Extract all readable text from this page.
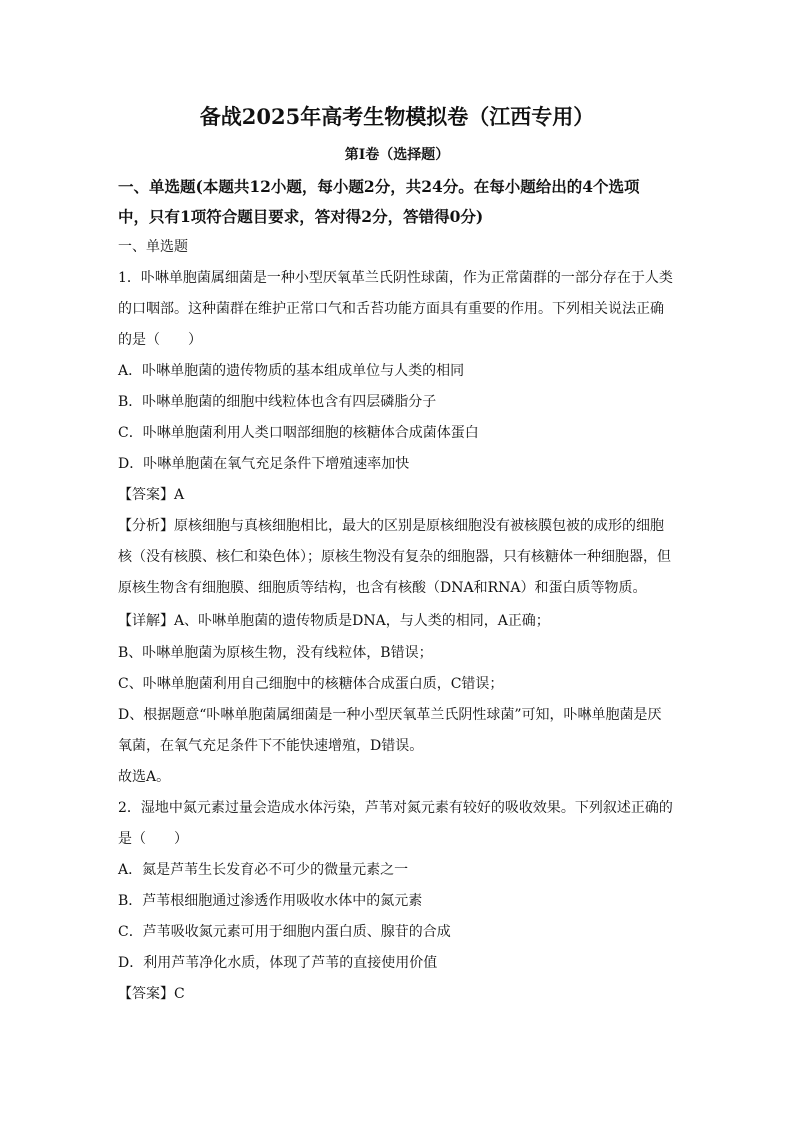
备战2025年高考生物模拟卷（江西专用）
第I卷（选择题）
一、单选题(本题共12小题，每小题2分，共24分。在每小题给出的4个选项
中，只有1项符合题目要求，答对得2分，答错得0分)
一、单选题
1．卟啉单胞菌属细菌是一种小型厌氧革兰氏阴性球菌，作为正常菌群的一部分存在于人类
的口咽部。这种菌群在维护正常口气和舌苔功能方面具有重要的作用。下列相关说法正确
的是（　　）
A．卟啉单胞菌的遗传物质的基本组成单位与人类的相同
B．卟啉单胞菌的细胞中线粒体也含有四层磷脂分子
C．卟啉单胞菌利用人类口咽部细胞的核糖体合成菌体蛋白
D．卟啉单胞菌在氧气充足条件下增殖速率加快
【答案】A
【分析】原核细胞与真核细胞相比，最大的区别是原核细胞没有被核膜包被的成形的细胞
核（没有核膜、核仁和染色体）；原核生物没有复杂的细胞器，只有核糖体一种细胞器，但
原核生物含有细胞膜、细胞质等结构，也含有核酸（DNA和RNA）和蛋白质等物质。
【详解】A、卟啉单胞菌的遗传物质是DNA，与人类的相同，A正确；
B、卟啉单胞菌为原核生物，没有线粒体，B错误；
C、卟啉单胞菌利用自己细胞中的核糖体合成蛋白质，C错误；
D、根据题意“卟啉单胞菌属细菌是一种小型厌氧革兰氏阴性球菌”可知，卟啉单胞菌是厌
氧菌，在氧气充足条件下不能快速增殖，D错误。
故选A。
2．湿地中氮元素过量会造成水体污染，芦苇对氮元素有较好的吸收效果。下列叙述正确的
是（　　）
A．氮是芦苇生长发育必不可少的微量元素之一
B．芦苇根细胞通过渗透作用吸收水体中的氮元素
C．芦苇吸收氮元素可用于细胞内蛋白质、腺苷的合成
D．利用芦苇净化水质，体现了芦苇的直接使用价值
【答案】C
